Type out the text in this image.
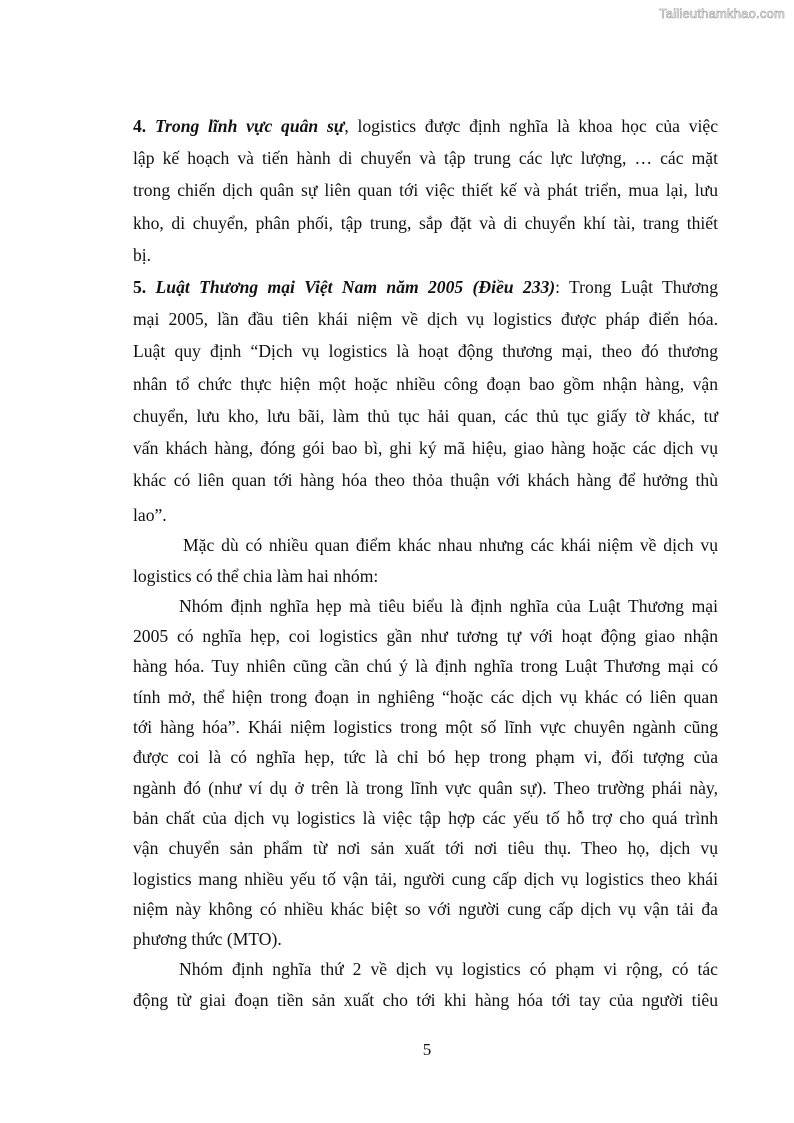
Tailieuthamkhao.com
4. Trong lĩnh vực quân sự, logistics được định nghĩa là khoa học của việc
lập kế hoạch và tiến hành di chuyển và tập trung các lực lượng, … các mặt
trong chiến dịch quân sự liên quan tới việc thiết kế và phát triển, mua lại, lưu
kho, di chuyển, phân phối, tập trung, sắp đặt và di chuyển khí tài, trang thiết
bị.
5. Luật Thương mại Việt Nam năm 2005 (Điều 233): Trong Luật Thương
mại 2005, lần đầu tiên khái niệm về dịch vụ logistics được pháp điển hóa.
Luật quy định “Dịch vụ logistics là hoạt động thương mại, theo đó thương
nhân tổ chức thực hiện một hoặc nhiều công đoạn bao gồm nhận hàng, vận
chuyển, lưu kho, lưu bãi, làm thủ tục hải quan, các thủ tục giấy tờ khác, tư
vấn khách hàng, đóng gói bao bì, ghi ký mã hiệu, giao hàng hoặc các dịch vụ
khác có liên quan tới hàng hóa theo thỏa thuận với khách hàng để hưởng thù
lao”.
Mặc dù có nhiều quan điểm khác nhau nhưng các khái niệm về dịch vụ
logistics có thể chia làm hai nhóm:
Nhóm định nghĩa hẹp mà tiêu biểu là định nghĩa của Luật Thương mại
2005 có nghĩa hẹp, coi logistics gần như tương tự với hoạt động giao nhận
hàng hóa. Tuy nhiên cũng cần chú ý là định nghĩa trong Luật Thương mại có
tính mở, thể hiện trong đoạn in nghiêng “hoặc các dịch vụ khác có liên quan
tới hàng hóa”. Khái niệm logistics trong một số lĩnh vực chuyên ngành cũng
được coi là có nghĩa hẹp, tức là chỉ bó hẹp trong phạm vi, đối tượng của
ngành đó (như ví dụ ở trên là trong lĩnh vực quân sự). Theo trường phái này,
bản chất của dịch vụ logistics là việc tập hợp các yếu tố hỗ trợ cho quá trình
vận chuyển sản phẩm từ nơi sản xuất tới nơi tiêu thụ. Theo họ, dịch vụ
logistics mang nhiều yếu tố vận tải, người cung cấp dịch vụ logistics theo khái
niệm này không có nhiều khác biệt so với người cung cấp dịch vụ vận tải đa
phương thức (MTO).
Nhóm định nghĩa thứ 2 về dịch vụ logistics có phạm vi rộng, có tác
động từ giai đoạn tiền sản xuất cho tới khi hàng hóa tới tay của người tiêu
5
